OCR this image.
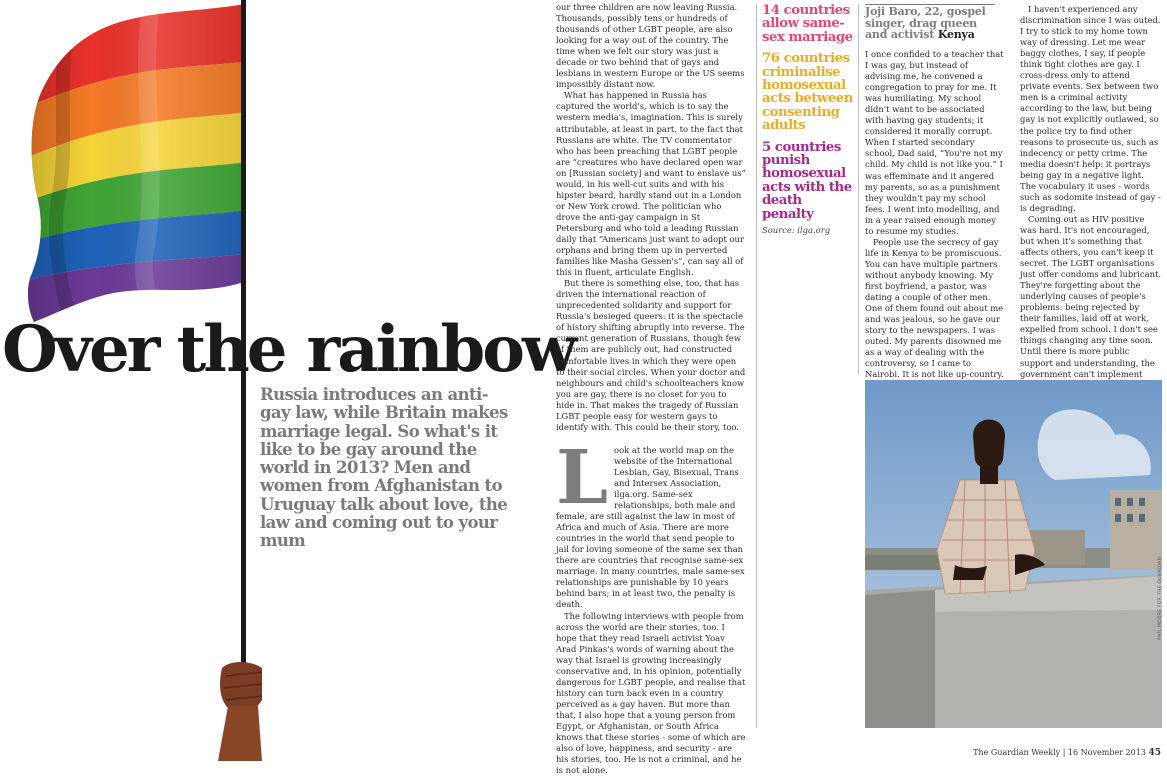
Over the rainbow
Russia introduces an anti-gay law, while Britain makes marriage legal. So what's it like to be gay around the world in 2013? Men and women from Afghanistan to Uruguay talk about love, the law and coming out to your mum

our three children are now leaving Russia. Thousands, possibly tens or hundreds of thousands of other LGBT people, are also looking for a way out of the country. The time when we felt our story was just a decade or two behind that of gays and lesbians in western Europe or the US seems impossibly distant now.

What has happened in Russia has captured the world's, which is to say the western media's, imagination. This is surely attributable, at least in part, to the fact that Russians are white. The TV commentator who has been preaching that LGBT people are “creatures who have declared open war on [Russian society] and want to enslave us” would, in his well-cut suits and with his hipster beard, hardly stand out in a London or New York crowd. The politician who drove the anti-gay campaign in St Petersburg and who told a leading Russian daily that “Americans just want to adopt our orphans and bring them up in perverted families like Masha Gessen's”, can say all of this in fluent, articulate English.

But there is something else, too, that has driven the international reaction of unprecedented solidarity and support for Russia's besieged queers: it is the spectacle of history shifting abruptly into reverse. The current generation of Russians, though few of them are publicly out, had constructed comfortable lives in which they were open to their social circles. When your doctor and neighbours and child's schoolteachers know you are gay, there is no closet for you to hide in. That makes the tragedy of Russian LGBT people easy for western gays to identify with. This could be their story, too.

Look at the world map on the website of the International Lesbian, Gay, Bisexual, Trans and Intersex Association, ilga.org. Same-sex relationships, both male and female, are still against the law in most of Africa and much of Asia. There are more countries in the world that send people to jail for loving someone of the same sex than there are countries that recognise same-sex marriage. In many countries, male same-sex relationships are punishable by 10 years behind bars; in at least two, the penalty is death.

The following interviews with people from across the world are their stories, too. I hope that they read Israeli activist Yoav Arad Pinkas's words of warning about the way that Israel is growing increasingly conservative and, in his opinion, potentially dangerous for LGBT people, and realise that history can turn back even in a country perceived as a gay haven. But more than that, I also hope that a young person from Egypt, or Afghanistan, or South Africa knows that these stories - some of which are also of love, happiness, and security - are his stories, too. He is not a criminal, and he is not alone.

14 countries allow same-sex marriage
76 countries criminalise homosexual acts between consenting adults
5 countries punish homosexual acts with the death penalty
Source: ilga.org
Joji Baro, 22, gospel singer, drag queen and activist Kenya

I once confided to a teacher that I was gay, but instead of advising me, he convened a congregation to pray for me. It was humiliating. My school didn't want to be associated with having gay students; it considered it morally corrupt. When I started secondary school, Dad said, “You're not my child. My child is not like you.” I was effeminate and it angered my parents, so as a punishment they wouldn't pay my school fees. I went into modelling, and in a year raised enough money to resume my studies.

People use the secrecy of gay life in Kenya to be promiscuous. You can have multiple partners without anybody knowing. My first boyfriend, a pastor, was dating a couple of other men. One of them found out about me and was jealous, so he gave our story to the newspapers. I was outed. My parents disowned me as a way of dealing with the controversy, so I came to Nairobi. It is not like up-country.

I haven't experienced any discrimination since I was outed. I try to stick to my home town way of dressing. Let me wear baggy clothes, I say, if people think tight clothes are gay. I cross-dress only to attend private events. Sex between two men is a criminal activity according to the law, but being gay is not explicitly outlawed, so the police try to find other reasons to prosecute us, such as indecency or petty crime. The media doesn't help: it portrays being gay in a negative light. The vocabulary it uses - words such as sodomite instead of gay - is degrading.

Coming out as HIV positive was hard. It's not encouraged, but when it's something that affects others, you can't keep it secret. The LGBT organisations just offer condoms and lubricant. They're forgetting about the underlying causes of people's problems: being rejected by their families, laid off at work, expelled from school. I don't see things changing any time soon. Until there is more public support and understanding, the government can't implement

PHIL MOORE FOR THE GUARDIAN
The Guardian Weekly | 16 November 2013 45
